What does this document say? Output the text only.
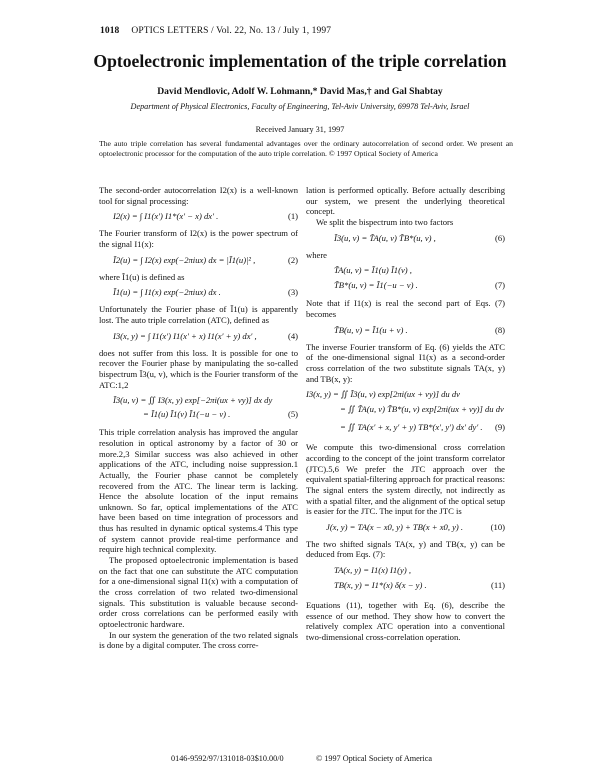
1018 OPTICS LETTERS / Vol. 22, No. 13 / July 1, 1997
Optoelectronic implementation of the triple correlation
David Mendlovic, Adolf W. Lohmann,* David Mas,† and Gal Shabtay
Department of Physical Electronics, Faculty of Engineering, Tel-Aviv University, 69978 Tel-Aviv, Israel
Received January 31, 1997
The auto triple correlation has several fundamental advantages over the ordinary autocorrelation of second order. We present an optoelectronic processor for the computation of the auto triple correlation. © 1997 Optical Society of America

The second-order autocorrelation I2(x) is a well-known tool for signal processing:

I2(x) = ∫ I1(x′) I1*(x′ − x) dx′ .	(1)

The Fourier transform of I2(x) is the power spectrum of the signal I1(x):

Ĩ2(u) = ∫ I2(x) exp(−2πiux) dx = |Ĩ1(u)|² ,	(2)

where Ĩ1(u) is defined as

Ĩ1(u) = ∫ I1(x) exp(−2πiux) dx .	(3)

Unfortunately the Fourier phase of Ĩ1(u) is apparently lost. The auto triple correlation (ATC), defined as

I3(x, y) = ∫ I1(x′) I1(x′ + x) I1(x′ + y) dx′ ,	(4)

does not suffer from this loss. It is possible for one to recover the Fourier phase by manipulating the so-called bispectrum Ĩ3(u, v), which is the Fourier transform of the ATC:1,2

Ĩ3(u, v) = ∬ I3(x, y) exp[−2πi(ux + vy)] dx dy
= Ĩ1(u) Ĩ1(v) Ĩ1(−u − v) .	(5)

This triple correlation analysis has improved the angular resolution in optical astronomy by a factor of 30 or more.2,3 Similar success was also achieved in other applications of the ATC, including noise suppression.1 Actually, the Fourier phase cannot be completely recovered from the ATC. The linear term is lacking. Hence the absolute location of the input remains unknown. So far, optical implementations of the ATC have been based on time integration of processors and thus has resulted in dynamic optical systems.4 This type of system cannot provide real-time performance and require high technical complexity.

The proposed optoelectronic implementation is based on the fact that one can substitute the ATC computation for a one-dimensional signal I1(x) with a computation of the cross correlation of two related two-dimensional signals. This substitution is valuable because second-order cross correlations can be performed easily with optoelectronic hardware.

In our system the generation of the two related signals is done by a digital computer. The cross corre-

lation is performed optically. Before actually describing our system, we present the underlying theoretical concept.

We split the bispectrum into two factors

Ĩ3(u, v) = T̃A(u, v) T̃B*(u, v) ,	(6)

where

T̃A(u, v) = Ĩ1(u) Ĩ1(v) ,
T̃B*(u, v) = Ĩ1(−u − v) .	(7)

Note that if I1(x) is real the second part of Eqs. (7) becomes

T̃B(u, v) = Ĩ1(u + v) .	(8)

The inverse Fourier transform of Eq. (6) yields the ATC of the one-dimensional signal I1(x) as a second-order cross correlation of the two substitute signals TA(x, y) and TB(x, y):

I3(x, y) = ∬ Ĩ3(u, v) exp[2πi(ux + vy)] du dv
= ∬ T̃A(u, v) T̃B*(u, v) exp[2πi(ux + vy)] du dv
= ∬ TA(x′ + x, y′ + y) TB*(x′, y′) dx′ dy′ . (9)

We compute this two-dimensional cross correlation according to the concept of the joint transform correlator (JTC).5,6 We prefer the JTC approach over the equivalent spatial-filtering approach for practical reasons: The signal enters the system directly, not indirectly as with a spatial filter, and the alignment of the optical setup is easier for the JTC. The input for the JTC is

J(x, y) = TA(x − x0, y) + TB(x + x0, y) .	(10)

The two shifted signals TA(x, y) and TB(x, y) can be deduced from Eqs. (7):

TA(x, y) = I1(x) I1(y) ,
TB(x, y) = I1*(x) δ(x − y) .	(11)

Equations (11), together with Eq. (6), describe the essence of our method. They show how to convert the relatively complex ATC operation into a conventional two-dimensional cross-correlation operation.

0146-9592/97/131018-03$10.00/0	© 1997 Optical Society of America
